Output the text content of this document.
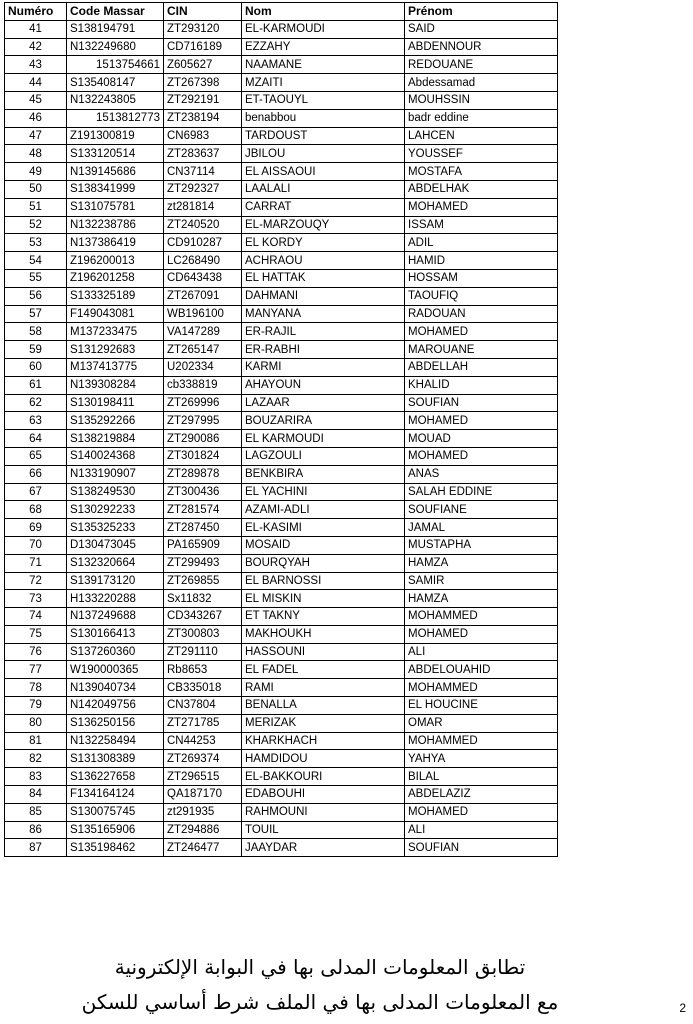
Numéro	Code Massar	CIN	Nom	Prénom
41	S138194791	ZT293120	EL-KARMOUDI	SAID
42	N132249680	CD716189	EZZAHY	ABDENNOUR
43	1513754661	Z605627	NAAMANE	REDOUANE
44	S135408147	ZT267398	MZAITI	Abdessamad
45	N132243805	ZT292191	ET-TAOUYL	MOUHSSIN
46	1513812773	ZT238194	benabbou	badr eddine
47	Z191300819	CN6983	TARDOUST	LAHCEN
48	S133120514	ZT283637	JBILOU	YOUSSEF
49	N139145686	CN37114	EL AISSAOUI	MOSTAFA
50	S138341999	ZT292327	LAALALI	ABDELHAK
51	S131075781	zt281814	CARRAT	MOHAMED
52	N132238786	ZT240520	EL-MARZOUQY	ISSAM
53	N137386419	CD910287	EL KORDY	ADIL
54	Z196200013	LC268490	ACHRAOU	HAMID
55	Z196201258	CD643438	EL HATTAK	HOSSAM
56	S133325189	ZT267091	DAHMANI	TAOUFIQ
57	F149043081	WB196100	MANYANA	RADOUAN
58	M137233475	VA147289	ER-RAJIL	MOHAMED
59	S131292683	ZT265147	ER-RABHI	MAROUANE
60	M137413775	U202334	KARMI	ABDELLAH
61	N139308284	cb338819	AHAYOUN	KHALID
62	S130198411	ZT269996	LAZAAR	SOUFIAN
63	S135292266	ZT297995	BOUZARIRA	MOHAMED
64	S138219884	ZT290086	EL KARMOUDI	MOUAD
65	S140024368	ZT301824	LAGZOULI	MOHAMED
66	N133190907	ZT289878	BENKBIRA	ANAS
67	S138249530	ZT300436	EL YACHINI	SALAH EDDINE
68	S130292233	ZT281574	AZAMI-ADLI	SOUFIANE
69	S135325233	ZT287450	EL-KASIMI	JAMAL
70	D130473045	PA165909	MOSAID	MUSTAPHA
71	S132320664	ZT299493	BOURQYAH	HAMZA
72	S139173120	ZT269855	EL BARNOSSI	SAMIR
73	H133220288	Sx11832	EL MISKIN	HAMZA
74	N137249688	CD343267	ET TAKNY	MOHAMMED
75	S130166413	ZT300803	MAKHOUKH	MOHAMED
76	S137260360	ZT291110	HASSOUNI	ALI
77	W190000365	Rb8653	EL FADEL	ABDELOUAHID
78	N139040734	CB335018	RAMI	MOHAMMED
79	N142049756	CN37804	BENALLA	EL HOUCINE
80	S136250156	ZT271785	MERIZAK	OMAR
81	N132258494	CN44253	KHARKHACH	MOHAMMED
82	S131308389	ZT269374	HAMDIDOU	YAHYA
83	S136227658	ZT296515	EL-BAKKOURI	BILAL
84	F134164124	QA187170	EDABOUHI	ABDELAZIZ
85	S130075745	zt291935	RAHMOUNI	MOHAMED
86	S135165906	ZT294886	TOUIL	ALI
87	S135198462	ZT246477	JAAYDAR	SOUFIAN
تطابق المعلومات المدلى بها في البوابة الإلكترونية
مع المعلومات المدلى بها في الملف شرط أساسي للسكن	2
